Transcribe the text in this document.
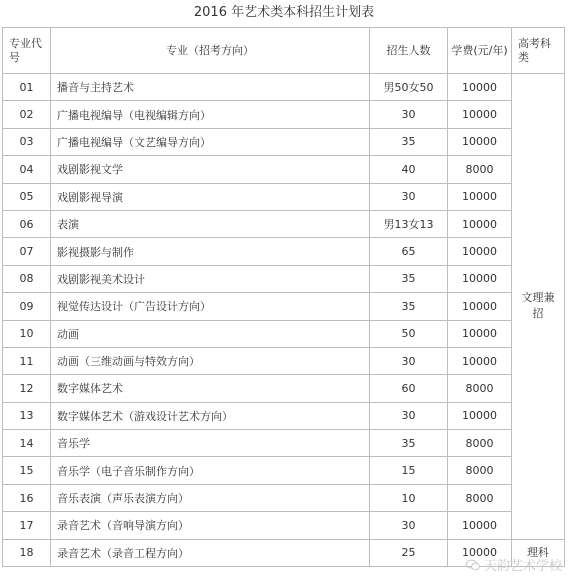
2016 年艺术类本科招生计划表
专业代号	专业（招考方向）	招生人数	学费(元/年)	高考科类
01	播音与主持艺术	男50女50	10000	文理兼招
02	广播电视编导（电视编辑方向）	30	10000	
03	广播电视编导（文艺编导方向）	35	10000	
04	戏剧影视文学	40	8000	
05	戏剧影视导演	30	10000	
06	表演	男13女13	10000	
07	影视摄影与制作	65	10000	
08	戏剧影视美术设计	35	10000	
09	视觉传达设计（广告设计方向）	35	10000	
10	动画	50	10000	
11	动画（三维动画与特效方向）	30	10000	
12	数字媒体艺术	60	8000	
13	数字媒体艺术（游戏设计艺术方向）	30	10000	
14	音乐学	35	8000	
15	音乐学（电子音乐制作方向）	15	8000	
16	音乐表演（声乐表演方向）	10	8000	
17	录音艺术（音响导演方向）	30	10000	
18	录音艺术（录音工程方向）	25	10000	理科
天韵艺术学校
